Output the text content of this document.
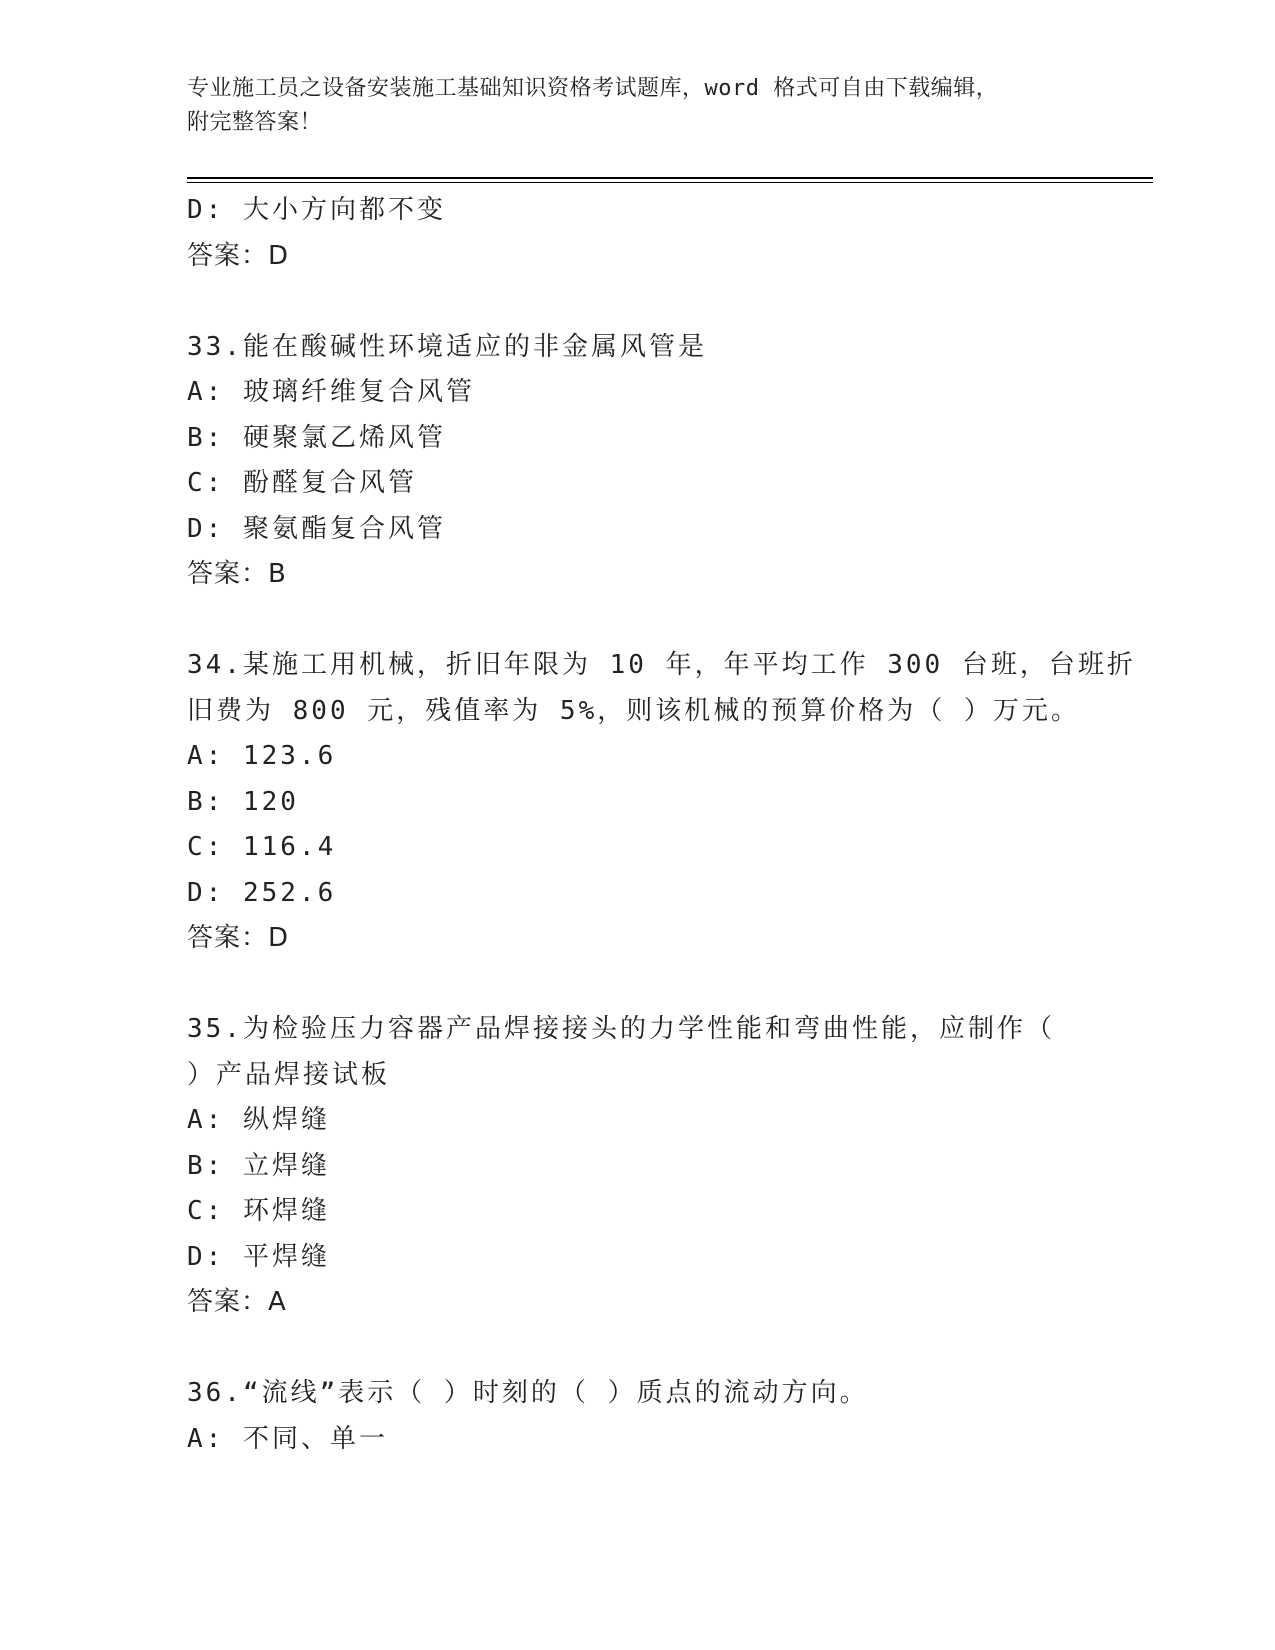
专业施工员之设备安装施工基础知识资格考试题库，word 格式可自由下载编辑，
附完整答案！
D: 大小方向都不变
答案：D
33.能在酸碱性环境适应的非金属风管是
A: 玻璃纤维复合风管
B: 硬聚氯乙烯风管
C: 酚醛复合风管
D: 聚氨酯复合风管
答案：B
34.某施工用机械，折旧年限为 10 年，年平均工作 300 台班，台班折
旧费为 800 元，残值率为 5%，则该机械的预算价格为（ ）万元。
A: 123.6
B: 120
C: 116.4
D: 252.6
答案：D
35.为检验压力容器产品焊接接头的力学性能和弯曲性能，应制作（
）产品焊接试板
A: 纵焊缝
B: 立焊缝
C: 环焊缝
D: 平焊缝
答案：A
36.“流线”表示（ ）时刻的（ ）质点的流动方向。
A: 不同、单一
